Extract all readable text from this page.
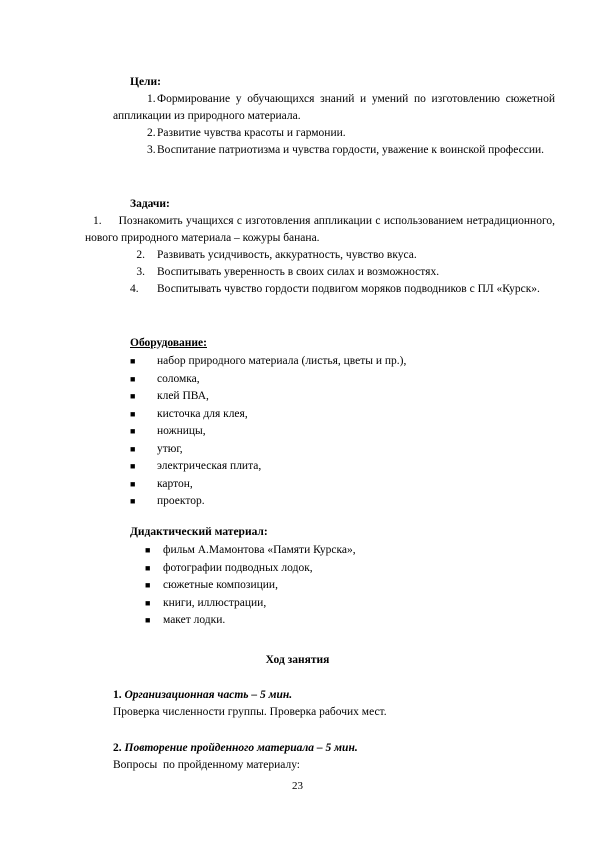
Цели:
1.Формирование у обучающихся знаний и умений по изготовлению сюжетной аппликации из природного материала.
2.Развитие чувства красоты и гармонии.
3.Воспитание патриотизма и чувства гордости, уважение к воинской профессии.
Задачи:
1. Познакомить учащихся с изготовления аппликации с использованием нетрадиционного, нового природного материала – кожуры банана.
2. Развивать усидчивость, аккуратность, чувство вкуса.
3. Воспитывать уверенность в своих силах и возможностях.
4. Воспитывать чувство гордости подвигом моряков подводников с ПЛ «Курск».
Оборудование:
■ набор природного материала (листья, цветы и пр.),
■ соломка,
■ клей ПВА,
■ кисточка для клея,
■ ножницы,
■ утюг,
■ электрическая плита,
■ картон,
■ проектор.
Дидактический материал:
■ фильм А.Мамонтова «Памяти Курска»,
■ фотографии подводных лодок,
■ сюжетные композиции,
■ книги, иллюстрации,
■ макет лодки.
Ход занятия
1. Организационная часть – 5 мин.
Проверка численности группы. Проверка рабочих мест.
2. Повторение пройденного материала – 5 мин.
Вопросы  по пройденному материалу:
23
